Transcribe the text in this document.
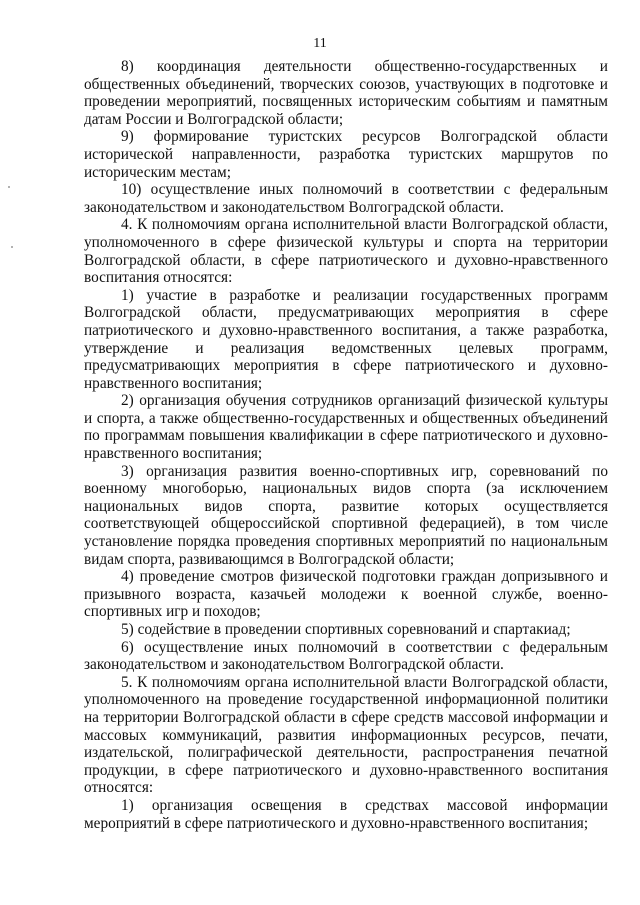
11

8) координация деятельности общественно-государственных и общественных объединений, творческих союзов, участвующих в подготовке и проведении мероприятий, посвященных историческим событиям и памятным датам России и Волгоградской области;

9) формирование туристских ресурсов Волгоградской области исторической направленности, разработка туристских маршрутов по историческим местам;

10) осуществление иных полномочий в соответствии с федеральным законодательством и законодательством Волгоградской области.

4. К полномочиям органа исполнительной власти Волгоградской области, уполномоченного в сфере физической культуры и спорта на территории Волгоградской области, в сфере патриотического и духовно-нравственного воспитания относятся:

1) участие в разработке и реализации государственных программ Волгоградской области, предусматривающих мероприятия в сфере патриотического и духовно-нравственного воспитания, а также разработка, утверждение и реализация ведомственных целевых программ, предусматривающих мероприятия в сфере патриотического и духовно-нравственного воспитания;

2) организация обучения сотрудников организаций физической культуры и спорта, а также общественно-государственных и общественных объединений по программам повышения квалификации в сфере патриотического и духовно-нравственного воспитания;

3) организация развития военно-спортивных игр, соревнований по военному многоборью, национальных видов спорта (за исключением национальных видов спорта, развитие которых осуществляется соответствующей общероссийской спортивной федерацией), в том числе установление порядка проведения спортивных мероприятий по национальным видам спорта, развивающимся в Волгоградской области;

4) проведение смотров физической подготовки граждан допризывного и призывного возраста, казачьей молодежи к военной службе, военно-спортивных игр и походов;

5) содействие в проведении спортивных соревнований и спартакиад;

6) осуществление иных полномочий в соответствии с федеральным законодательством и законодательством Волгоградской области.

5. К полномочиям органа исполнительной власти Волгоградской области, уполномоченного на проведение государственной информационной политики на территории Волгоградской области в сфере средств массовой информации и массовых коммуникаций, развития информационных ресурсов, печати, издательской, полиграфической деятельности, распространения печатной продукции, в сфере патриотического и духовно-нравственного воспитания относятся:

1) организация освещения в средствах массовой информации мероприятий в сфере патриотического и духовно-нравственного воспитания;
